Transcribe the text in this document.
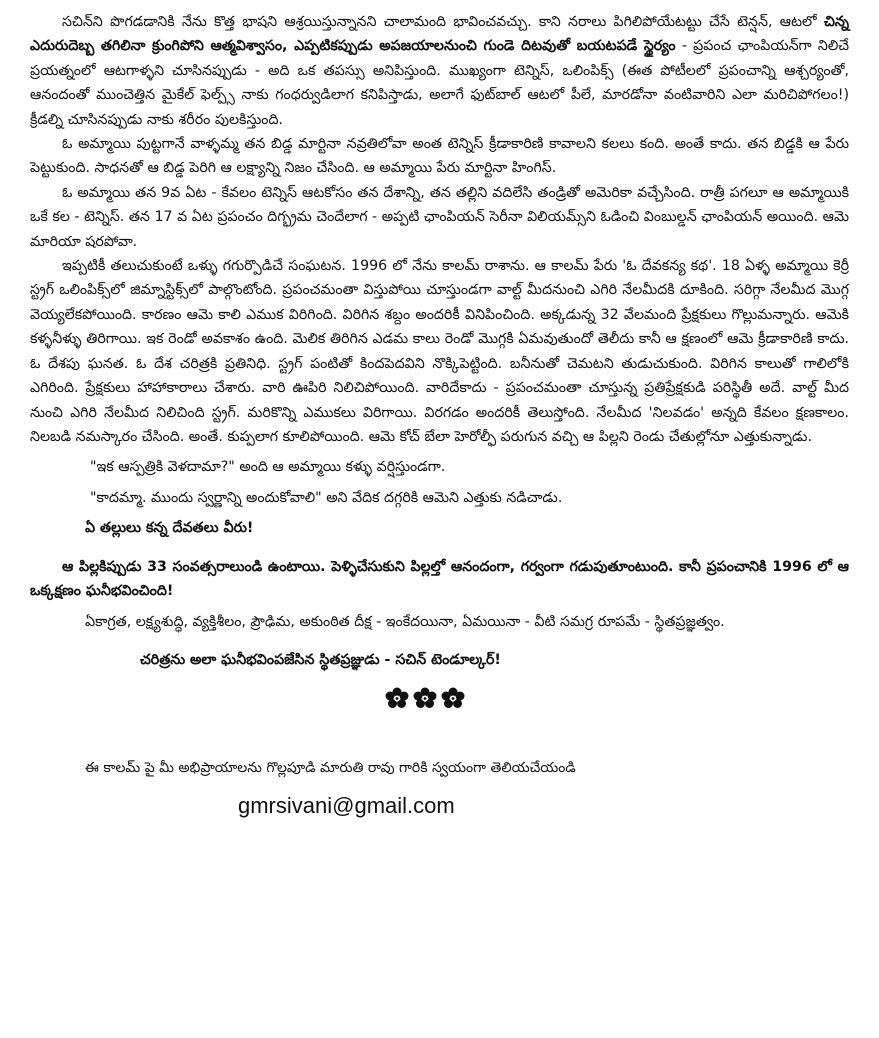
సచిన్‌ని పొగడడానికి నేను కొత్త భాషని ఆశ్రయిస్తున్నానని చాలామంది భావించవచ్చు. కాని నరాలు పిగిలిపోయేటట్టు చేసే టెన్షన్, ఆటలో చిన్న ఎదురుదెబ్బ తగిలినా క్రుంగిపోని ఆత్మవిశ్వాసం, ఎప్పటికప్పుడు అపజయాలనుంచి గుండె దిటవుతో బయటపడే స్థైర్యం - ప్రపంచ ఛాంపియన్‌గా నిలిచే ప్రయత్నంలో ఆటగాళ్ళని చూసినప్పుడు - అది ఒక తపస్సు అనిపిస్తుంది. ముఖ్యంగా టెన్నిస్, ఒలింపిక్స్ (ఈ‌త పోటీలలో ప్రపంచాన్ని ఆశ్చర్యంతో, ఆనందంతో ముంచెత్తిన మైకేల్ ఫెల్ప్స్ నాకు గంధర్వుడిలాగ కనిపిస్తాడు, అలాగే ఫుట్‌బాల్ ఆటలో పీలే, మారడోనా వంటివారిని ఎలా మరిచిపోగలం!) క్రీడల్ని చూసినప్పుడు నాకు శరీరం పులకిస్తుంది.

ఓ అమ్మాయి పుట్టగానే వాళ్ళమ్మ తన బిడ్డ మార్టినా నవ్రతిలోవా అంత టెన్నిస్ క్రీడాకారిణి కావాలని కలలు కంది. అంతే కాదు. తన బిడ్డకి ఆ పేరు పెట్టుకుంది. సాధనతో ఆ బిడ్డ పెరిగి ఆ లక్ష్యాన్ని నిజం చేసింది. ఆ అమ్మాయి పేరు మార్టినా హింగిస్.

ఓ అమ్మాయి తన 9వ ఏట - కేవలం టెన్నిస్ ఆటకోసం తన దేశాన్ని, తన తల్లిని వదిలేసి తండ్రితో అమెరికా వచ్చేసింది. రాత్రీ పగలూ ఆ అమ్మాయికి ఒకే కల - టెన్నిస్. తన 17 వ ఏట ప్రపంచం దిగ్భ్రమ చెందేలాగ - అప్పటి ఛాంపియన్ సెరీనా విలియమ్స్‌ని ఓడించి వింబుల్డన్ ఛాంపియన్ అయింది. ఆమె మారియా షరపోవా.

ఇప్పటికీ తలుచుకుంటే ఒళ్ళు గగుర్పొడిచే సంఘటన. 1996 లో నేను కాలమ్ రాశాను. ఆ కాలమ్ పేరు 'ఓ దేవకన్య కథ'. 18 ఏళ్ళ అమ్మాయి కెర్రీ స్ట్రగ్ ఒలింపిక్స్‌లో జిమ్నాస్టిక్స్‌లో పాల్గొంటోంది. ప్రపంచమంతా విస్తుపోయి చూస్తుండగా వాల్ట్ మీదనుంచి ఎగిరి నేలమీదకి దూకింది. సరిగ్గా నేలమీద మొగ్గ వెయ్యలేకపోయింది. కారణం ఆమె కాలి ఎముక విరిగింది. విరిగిన శబ్దం అందరికీ వినిపించింది. అక్కడున్న 32 వేలమంది ప్రేక్షకులు గొల్లుమన్నారు. ఆమెకి కళ్ళనీళ్ళు తిరిగాయి. ఇక రెండో అవకాశం ఉంది. మెలిక తిరిగిన ఎడమ కాలు రెండో మొగ్గకి ఏమవుతుందో తెలీదు కానీ ఆ క్షణంలో ఆమె క్రీడాకారిణి కాదు. ఓ దేశపు ఘనత. ఓ దేశ చరిత్రకి ప్రతినిధి. స్ట్రగ్ పంటితో కిందపెదవిని నొక్కిపెట్టింది. బనీనుతో చెమటని తుడుచుకుంది. విరిగిన కాలుతో గాలిలోకి ఎగిరింది. ప్రేక్షకులు హాహాకారాలు చేశారు. వారి ఊపిరి నిలిచిపోయింది. వారిదేకాదు - ప్రపంచమంతా చూస్తున్న ప్రతిప్రేక్షకుడి పరిస్థితీ అదే. వాల్ట్ మీద నుంచి ఎగిరి నేలమీద నిలిచింది స్ట్రగ్. మరికొన్ని ఎముకలు విరిగాయి. విరగడం అందరికీ తెలుస్తోంది. నేలమీద 'నిలవడం' అన్నది కేవలం క్షణకాలం. నిలబడి నమస్కారం చేసింది. అంతే. కుప్పలాగ కూలిపోయింది. ఆమె కోచ్ బేలా హెరోల్ఫీ పరుగున వచ్చి ఆ పిల్లని రెండు చేతుల్లోనూ ఎత్తుకున్నాడు.

"ఇక ఆస్పత్రికి వెళదామా?" అంది ఆ అమ్మాయి కళ్ళు వర్షిస్తుండగా.

"కాదమ్మా. ముందు స్వర్ణాన్ని అందుకోవాలి" అని వేదిక దగ్గరికి ఆమెని ఎత్తుకు నడిచాడు.

ఏ తల్లులు కన్న దేవతలు వీరు!

ఆ పిల్లకిప్పుడు 33 సంవత్సరాలుండి ఉంటాయి. పెళ్ళిచేసుకుని పిల్లల్తో ఆనందంగా, గర్వంగా గడుపుతూంటుంది. కానీ ప్రపంచానికి 1996 లో ఆ ఒక్కక్షణం ఘనీభవించింది!

ఏకాగ్రత, లక్ష్యశుద్ధి, వ్యక్తిశీలం, ప్రౌఢిమ, అకుంఠిత దీక్ష - ఇంకేదయినా, ఏమయినా - వీటి సమగ్ర రూపమే - స్థితప్రజ్ఞత్వం.

చరిత్రను అలా ఘనీభవింపజేసిన స్థితప్రజ్ఞుడు - సచిన్ టెండూల్కర్!

ఈ కాలమ్ పై మీ అభిప్రాయాలను గొల్లపూడి మారుతి రావు గారికి స్వయంగా తెలియచేయండి

gmrsivani@gmail.com
